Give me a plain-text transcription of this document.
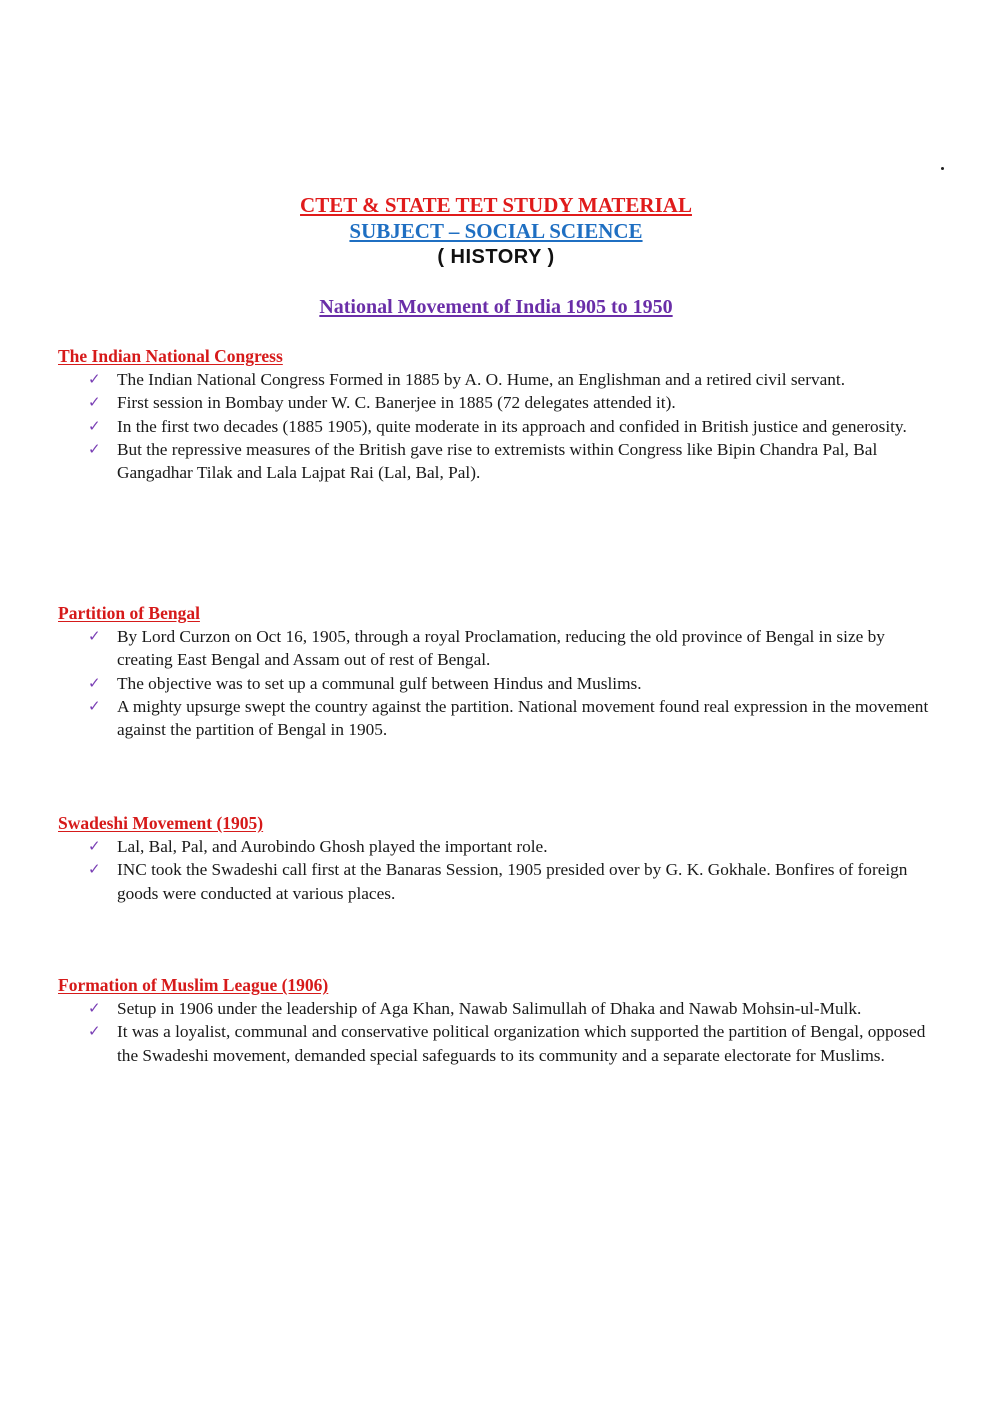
CTET & STATE TET STUDY MATERIAL
SUBJECT – SOCIAL SCIENCE
( HISTORY )
National Movement of India 1905 to 1950
The Indian National Congress
✓ The Indian National Congress Formed in 1885 by A. O. Hume, an Englishman and a retired civil servant.
✓ First session in Bombay under W. C. Banerjee in 1885 (72 delegates attended it).
✓ In the first two decades (1885 1905), quite moderate in its approach and confided in British justice and generosity.
✓ But the repressive measures of the British gave rise to extremists within Congress like Bipin Chandra Pal, Bal Gangadhar Tilak and Lala Lajpat Rai (Lal, Bal, Pal).
Partition of Bengal
✓ By Lord Curzon on Oct 16, 1905, through a royal Proclamation, reducing the old province of Bengal in size by creating East Bengal and Assam out of rest of Bengal.
✓ The objective was to set up a communal gulf between Hindus and Muslims.
✓ A mighty upsurge swept the country against the partition. National movement found real expression in the movement against the partition of Bengal in 1905.
Swadeshi Movement (1905)
✓ Lal, Bal, Pal, and Aurobindo Ghosh played the important role.
✓ INC took the Swadeshi call first at the Banaras Session, 1905 presided over by G. K. Gokhale. Bonfires of foreign goods were conducted at various places.
Formation of Muslim League (1906)
✓ Setup in 1906 under the leadership of Aga Khan, Nawab Salimullah of Dhaka and Nawab Mohsin-ul-Mulk.
✓ It was a loyalist, communal and conservative political organization which supported the partition of Bengal, opposed the Swadeshi movement, demanded special safeguards to its community and a separate electorate for Muslims.
